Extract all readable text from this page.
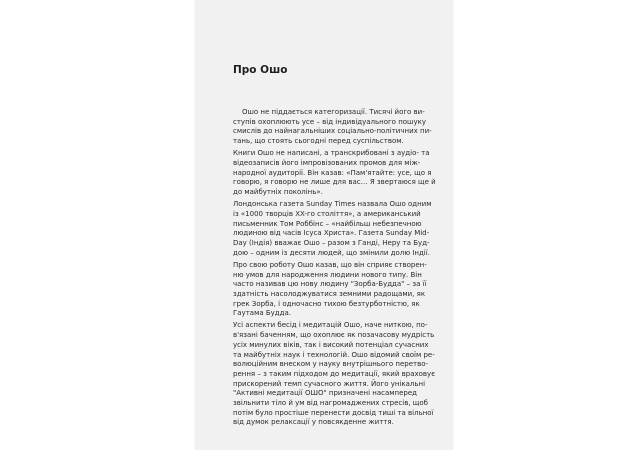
Про Ошо
Ошо не піддається категоризації. Тисячі його ви-
ступів охоплюють усе – від індивідуального пошуку
смислів до найнагальніших соціально-політичних пи-
тань, що стоять сьогодні перед суспільством.
Книги Ошо не написані, а транскрибовані з аудіо- та
відеозаписів його імпровізованих промов для між-
народної аудиторії. Він казав: «Пам'ятайте: усе, що я
говорю, я говорю не лише для вас… Я звертаюся ще й
до майбутніх поколінь».
Лондонська газета Sunday Times назвала Ошо одним
із «1000 творців XX-го століття», а американський
письменник Том Роббінс – «найбільш небезпечною
людиною від часів Ісуса Христа». Газета Sunday Mid-
Day (Індія) вважає Ошо – разом з Ганді, Неру та Буд-
дою – одним із десяти людей, що змінили долю Індії.
Про свою роботу Ошо казав, що він сприяє створен-
ню умов для народження людини нового типу. Він
часто називав цю нову людину "Зорба-Будда" – за її
здатність насолоджуватися земними радощами, як
грек Зорба, і одночасно тихою безтурботністю, як
Гаутама Будда.
Усі аспекти бесід і медитацій Ошо, наче ниткою, по-
в'язані баченням, що охоплює як позачасову мудрість
усіх минулих віків, так і високий потенціал сучасних
та майбутніх наук і технологій. Ошо відомий своїм ре-
волюційним внеском у науку внутрішнього перетво-
рення – з таким підходом до медитації, який враховує
прискорений темп сучасного життя. Його унікальні
"Активні медитації ОШО" призначені насамперед
звільнити тіло й ум від нагромаджених стресів, щоб
потім було простіше перенести досвід тиші та вільної
від думок релаксації у повсякденне життя.
